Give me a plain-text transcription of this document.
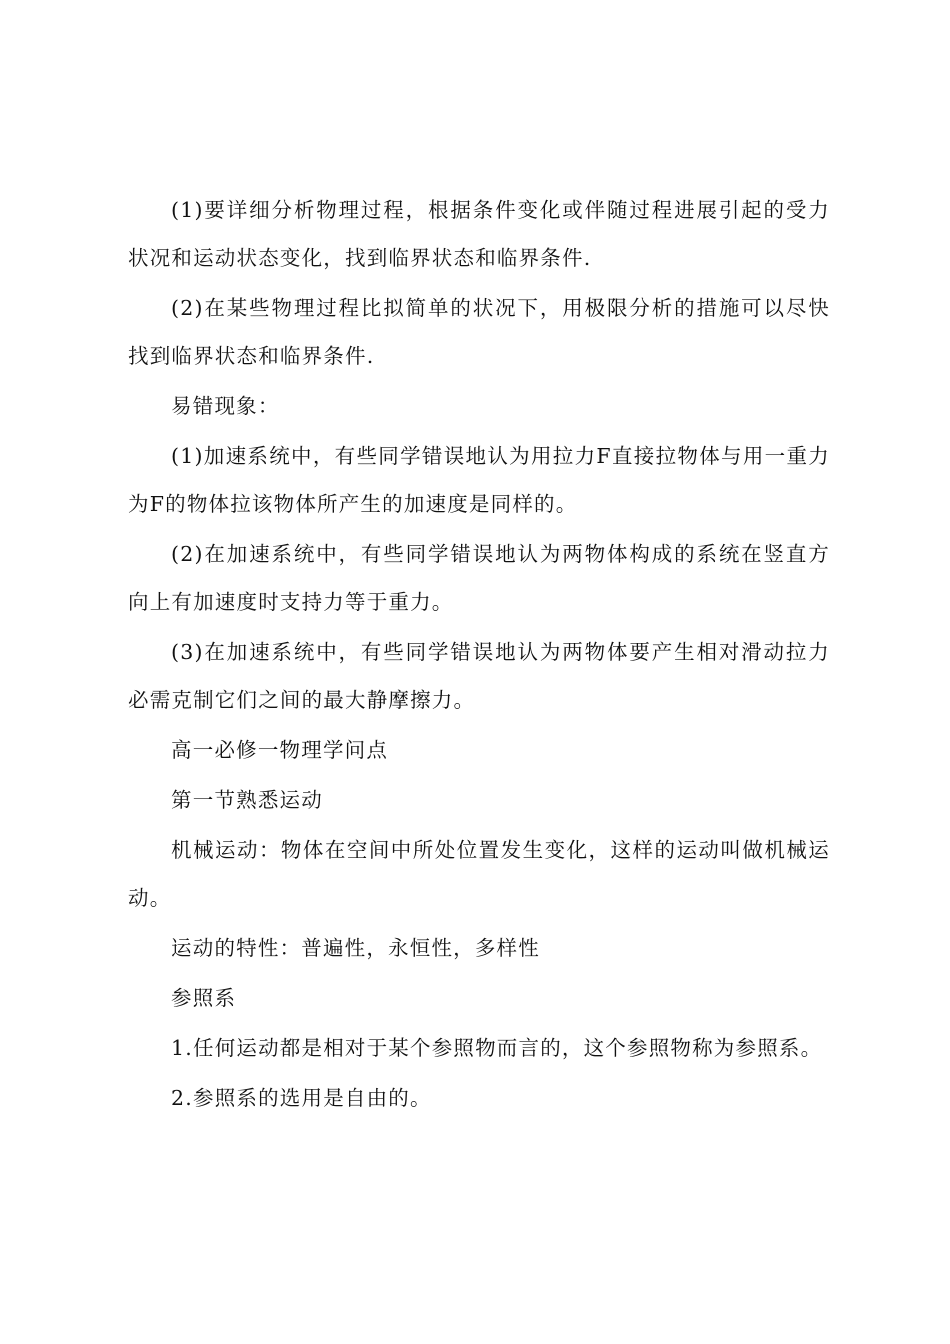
(1)要详细分析物理过程，根据条件变化或伴随过程进展引起的受力状况和运动状态变化，找到临界状态和临界条件.

(2)在某些物理过程比拟简单的状况下，用极限分析的措施可以尽快找到临界状态和临界条件.

易错现象：

(1)加速系统中，有些同学错误地认为用拉力F直接拉物体与用一重力为F的物体拉该物体所产生的加速度是同样的。

(2)在加速系统中，有些同学错误地认为两物体构成的系统在竖直方向上有加速度时支持力等于重力。

(3)在加速系统中，有些同学错误地认为两物体要产生相对滑动拉力必需克制它们之间的最大静摩擦力。

高一必修一物理学问点

第一节熟悉运动

机械运动：物体在空间中所处位置发生变化，这样的运动叫做机械运动。

运动的特性：普遍性，永恒性，多样性

参照系

1.任何运动都是相对于某个参照物而言的，这个参照物称为参照系。

2.参照系的选用是自由的。
